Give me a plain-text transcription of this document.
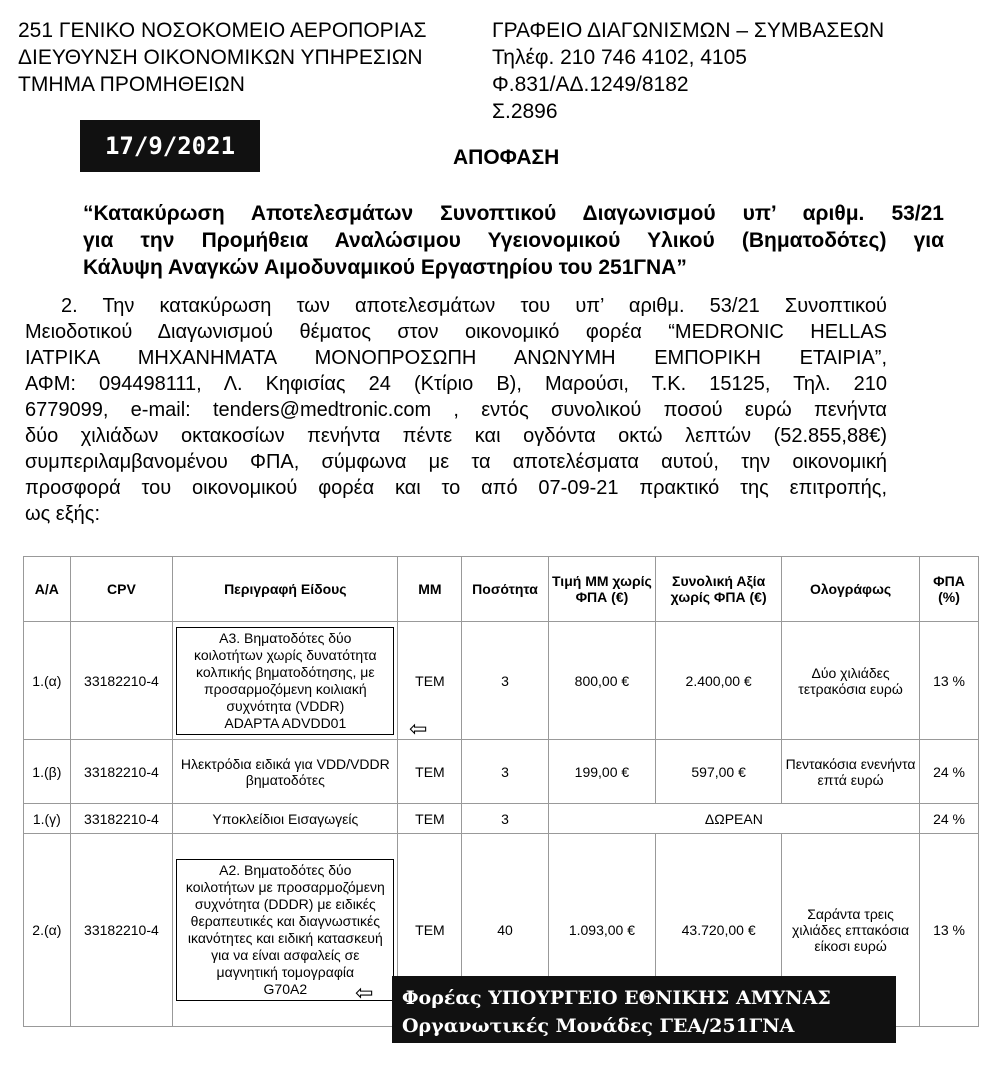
251 ΓΕΝΙΚΟ ΝΟΣΟΚΟΜΕΙΟ ΑΕΡΟΠΟΡΙΑΣ
ΔΙΕΥΘΥΝΣΗ ΟΙΚΟΝΟΜΙΚΩΝ ΥΠΗΡΕΣΙΩΝ
ΤΜΗΜΑ ΠΡΟΜΗΘΕΙΩΝ
ΓΡΑΦΕΙΟ ΔΙΑΓΩΝΙΣΜΩΝ – ΣΥΜΒΑΣΕΩΝ
Τηλέφ. 210 746 4102, 4105
Φ.831/ΑΔ.1249/8182
Σ.2896
17/9/2021	ΑΠΟΦΑΣΗ
“Κατακύρωση Αποτελεσμάτων Συνοπτικού Διαγωνισμού υπ’ αριθμ. 53/21
για την Προμήθεια Αναλώσιμου Υγειονομικού Υλικού (Βηματοδότες) για
Κάλυψη Αναγκών Αιμοδυναμικού Εργαστηρίου του 251ΓΝΑ”
2. Την κατακύρωση των αποτελεσμάτων του υπ’ αριθμ. 53/21 Συνοπτικού
Μειοδοτικού Διαγωνισμού θέματος στον οικονομικό φορέα “MEDRONIC HELLAS
ΙΑΤΡΙΚΑ ΜΗΧΑΝΗΜΑΤΑ ΜΟΝΟΠΡΟΣΩΠΗ ΑΝΩΝΥΜΗ ΕΜΠΟΡΙΚΗ ΕΤΑΙΡΙΑ”,
ΑΦΜ: 094498111, Λ. Κηφισίας 24 (Κτίριο Β), Μαρούσι, Τ.Κ. 15125, Τηλ. 210
6779099, e-mail: tenders@medtronic.com , εντός συνολικού ποσού ευρώ πενήντα
δύο χιλιάδων οκτακοσίων πενήντα πέντε και ογδόντα οκτώ λεπτών (52.855,88€)
συμπεριλαμβανομένου ΦΠΑ, σύμφωνα με τα αποτελέσματα αυτού, την οικονομική
προσφορά του οικονομικού φορέα και το από 07-09-21 πρακτικό της επιτροπής,
ως εξής:
Α/Α	CPV	Περιγραφή Είδους	ΜΜ	Ποσότητα	Τιμή ΜΜ χωρίς ΦΠΑ (€)	Συνολική Αξία χωρίς ΦΠΑ (€)	Ολογράφως	ΦΠΑ (%)
1.(α)	33182210-4	Α3. Βηματοδότες δύο κοιλοτήτων χωρίς δυνατότητα κολπικής βηματοδότησης, με προσαρμοζόμενη κοιλιακή συχνότητα (VDDR)
ADAPTA ADVDD01 ⇦	ΤΕΜ	3	800,00 €	2.400,00 €	Δύο χιλιάδες τετρακόσια ευρώ	13 %
1.(β)	33182210-4	Ηλεκτρόδια ειδικά για VDD/VDDR βηματοδότες	ΤΕΜ	3	199,00 €	597,00 €	Πεντακόσια ενενήντα επτά ευρώ	24 %
1.(γ)	33182210-4	Υποκλείδιοι Εισαγωγείς	ΤΕΜ	3	ΔΩΡΕΑΝ			24 %
2.(α)	33182210-4	Α2. Βηματοδότες δύο κοιλοτήτων με προσαρμοζόμενη συχνότητα (DDDR) με ειδικές θεραπευτικές και διαγνωστικές ικανότητες και ειδική κατασκευή για να είναι ασφαλείς σε μαγνητική τομογραφία
G70A2 ⇦	ΤΕΜ	40	1.093,00 €	43.720,00 €	Σαράντα τρεις χιλιάδες επτακόσια είκοσι ευρώ	13 %
Φορέας ΥΠΟΥΡΓΕΙΟ ΕΘΝΙΚΗΣ ΑΜΥΝΑΣ
Οργανωτικές Μονάδες ΓΕΑ/251ΓΝΑ
